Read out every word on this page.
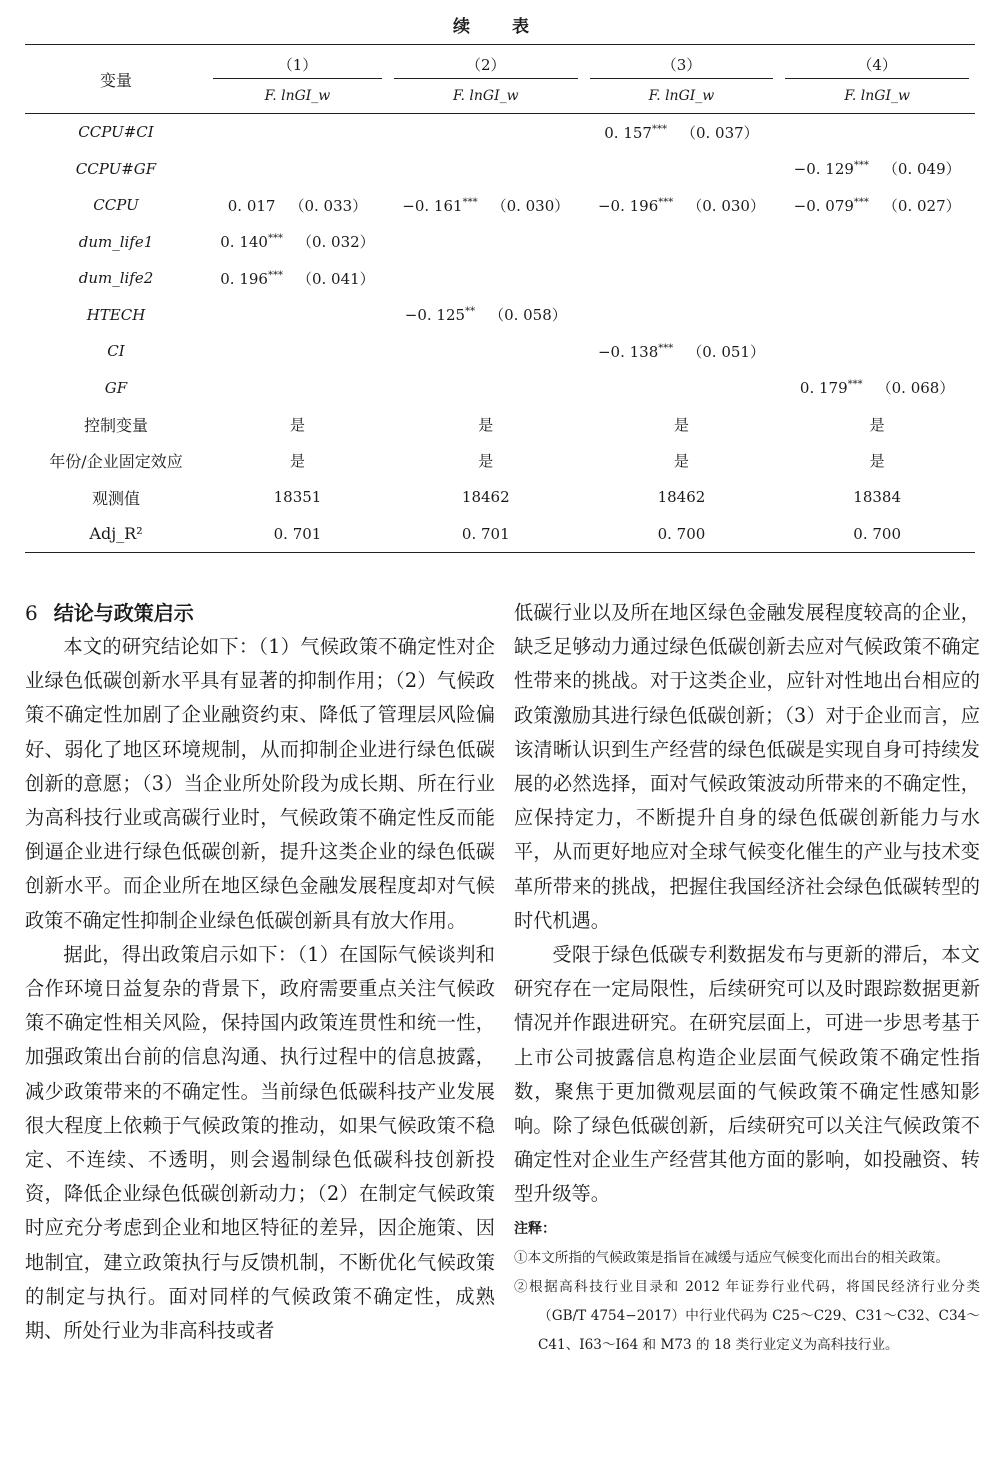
续 表
变量	（1）	（2）	（3）	（4）

	F. lnGI_w	F. lnGI_w	F. lnGI_w	F. lnGI_w
CCPU#CI			0. 157*** （0. 037）	
CCPU#GF				−0. 129*** （0. 049）
CCPU	0. 017 （0. 033）	−0. 161*** （0. 030）	−0. 196*** （0. 030）	−0. 079*** （0. 027）
dum_life1	0. 140*** （0. 032）			
dum_life2	0. 196*** （0. 041）			
HTECH		−0. 125** （0. 058）		
CI			−0. 138*** （0. 051）	
GF				0. 179*** （0. 068）
控制变量	是	是	是	是
年份/企业固定效应	是	是	是	是
观测值	18351	18462	18462	18384
Adj_R²	0. 701	0. 701	0. 700	0. 700
6 结论与政策启示

本文的研究结论如下：（1）气候政策不确定性对企业绿色低碳创新水平具有显著的抑制作用；（2）气候政策不确定性加剧了企业融资约束、降低了管理层风险偏好、弱化了地区环境规制，从而抑制企业进行绿色低碳创新的意愿；（3）当企业所处阶段为成长期、所在行业为高科技行业或高碳行业时，气候政策不确定性反而能倒逼企业进行绿色低碳创新，提升这类企业的绿色低碳创新水平。而企业所在地区绿色金融发展程度却对气候政策不确定性抑制企业绿色低碳创新具有放大作用。

据此，得出政策启示如下：（1）在国际气候谈判和合作环境日益复杂的背景下，政府需要重点关注气候政策不确定性相关风险，保持国内政策连贯性和统一性，加强政策出台前的信息沟通、执行过程中的信息披露，减少政策带来的不确定性。当前绿色低碳科技产业发展很大程度上依赖于气候政策的推动，如果气候政策不稳定、不连续、不透明，则会遏制绿色低碳科技创新投资，降低企业绿色低碳创新动力；（2）在制定气候政策时应充分考虑到企业和地区特征的差异，因企施策、因地制宜，建立政策执行与反馈机制，不断优化气候政策的制定与执行。面对同样的气候政策不确定性，成熟期、所处行业为非高科技或者

低碳行业以及所在地区绿色金融发展程度较高的企业，缺乏足够动力通过绿色低碳创新去应对气候政策不确定性带来的挑战。对于这类企业，应针对性地出台相应的政策激励其进行绿色低碳创新；（3）对于企业而言，应该清晰认识到生产经营的绿色低碳是实现自身可持续发展的必然选择，面对气候政策波动所带来的不确定性，应保持定力，不断提升自身的绿色低碳创新能力与水平，从而更好地应对全球气候变化催生的产业与技术变革所带来的挑战，把握住我国经济社会绿色低碳转型的时代机遇。

受限于绿色低碳专利数据发布与更新的滞后，本文研究存在一定局限性，后续研究可以及时跟踪数据更新情况并作跟进研究。在研究层面上，可进一步思考基于上市公司披露信息构造企业层面气候政策不确定性指数，聚焦于更加微观层面的气候政策不确定性感知影响。除了绿色低碳创新，后续研究可以关注气候政策不确定性对企业生产经营其他方面的影响，如投融资、转型升级等。

注释：
①本文所指的气候政策是指旨在减缓与适应气候变化而出台的相关政策。
②根据高科技行业目录和 2012 年证券行业代码，将国民经济行业分类（GB/T 4754−2017）中行业代码为 C25～C29、C31～C32、C34～C41、I63～I64 和 M73 的 18 类行业定义为高科技行业。
